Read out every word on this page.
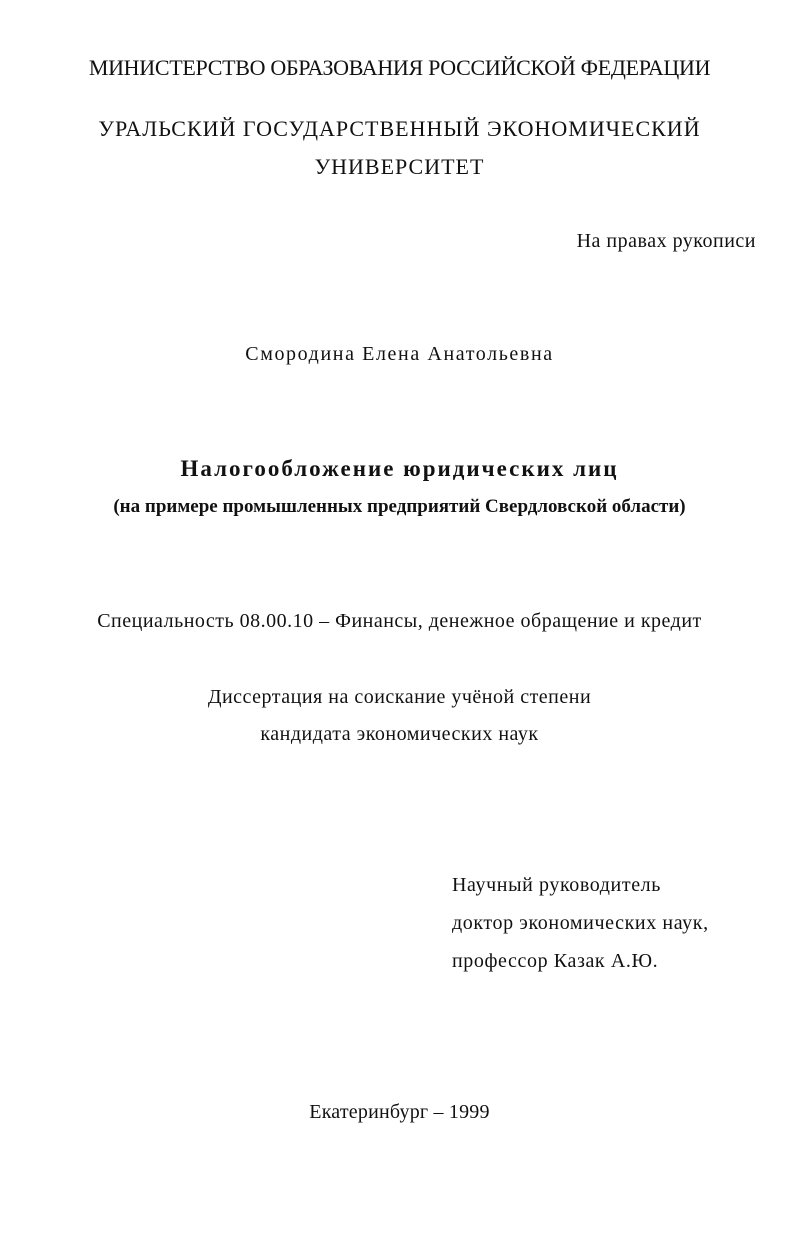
МИНИСТЕРСТВО ОБРАЗОВАНИЯ РОССИЙСКОЙ ФЕДЕРАЦИИ
УРАЛЬСКИЙ ГОСУДАРСТВЕННЫЙ ЭКОНОМИЧЕСКИЙ
УНИВЕРСИТЕТ
На правах рукописи
Смородина Елена Анатольевна
Налогообложение юридических лиц
(на примере промышленных предприятий Свердловской области)
Специальность 08.00.10 – Финансы, денежное обращение и кредит
Диссертация на соискание учёной степени
кандидата экономических наук
Научный руководитель
доктор экономических наук,
профессор Казак А.Ю.
Екатеринбург – 1999
